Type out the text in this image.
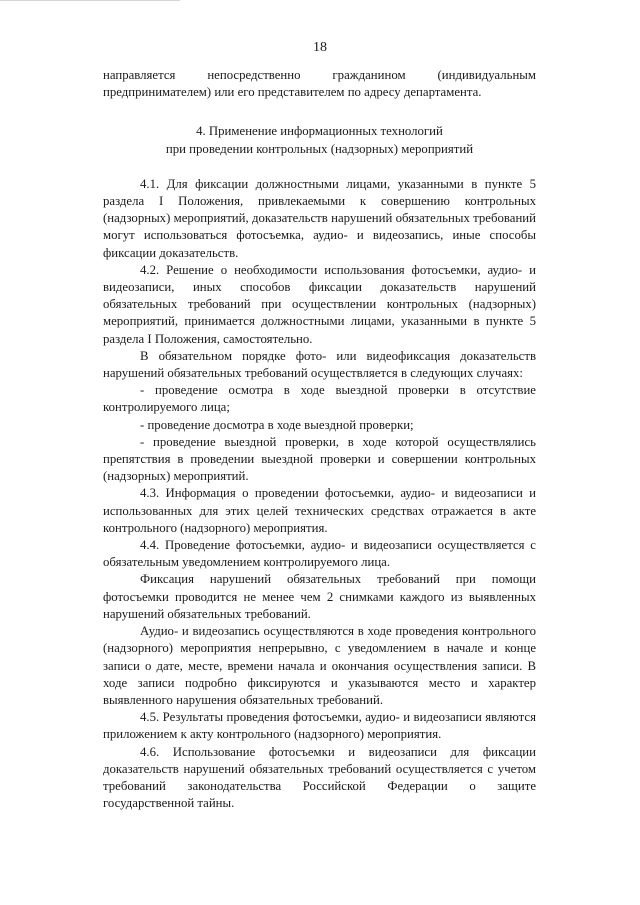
18

направляется непосредственно гражданином (индивидуальным предпринимателем) или его представителем по адресу департамента.

4. Применение информационных технологий
при проведении контрольных (надзорных) мероприятий

4.1. Для фиксации должностными лицами, указанными в пункте 5 раздела I Положения, привлекаемыми к совершению контрольных (надзорных) мероприятий, доказательств нарушений обязательных требований могут использоваться фотосъемка, аудио- и видеозапись, иные способы фиксации доказательств.

4.2. Решение о необходимости использования фотосъемки, аудио- и видеозаписи, иных способов фиксации доказательств нарушений обязательных требований при осуществлении контрольных (надзорных) мероприятий, принимается должностными лицами, указанными в пункте 5 раздела I Положения, самостоятельно.

В обязательном порядке фото- или видеофиксация доказательств нарушений обязательных требований осуществляется в следующих случаях:

- проведение осмотра в ходе выездной проверки в отсутствие контролируемого лица;

- проведение досмотра в ходе выездной проверки;

- проведение выездной проверки, в ходе которой осуществлялись препятствия в проведении выездной проверки и совершении контрольных (надзорных) мероприятий.

4.3. Информация о проведении фотосъемки, аудио- и видеозаписи и использованных для этих целей технических средствах отражается в акте контрольного (надзорного) мероприятия.

4.4. Проведение фотосъемки, аудио- и видеозаписи осуществляется с обязательным уведомлением контролируемого лица.

Фиксация нарушений обязательных требований при помощи фотосъемки проводится не менее чем 2 снимками каждого из выявленных нарушений обязательных требований.

Аудио- и видеозапись осуществляются в ходе проведения контрольного (надзорного) мероприятия непрерывно, с уведомлением в начале и конце записи о дате, месте, времени начала и окончания осуществления записи. В ходе записи подробно фиксируются и указываются место и характер выявленного нарушения обязательных требований.

4.5. Результаты проведения фотосъемки, аудио- и видеозаписи являются приложением к акту контрольного (надзорного) мероприятия.

4.6. Использование фотосъемки и видеозаписи для фиксации доказательств нарушений обязательных требований осуществляется с учетом требований законодательства Российской Федерации о защите государственной тайны.
